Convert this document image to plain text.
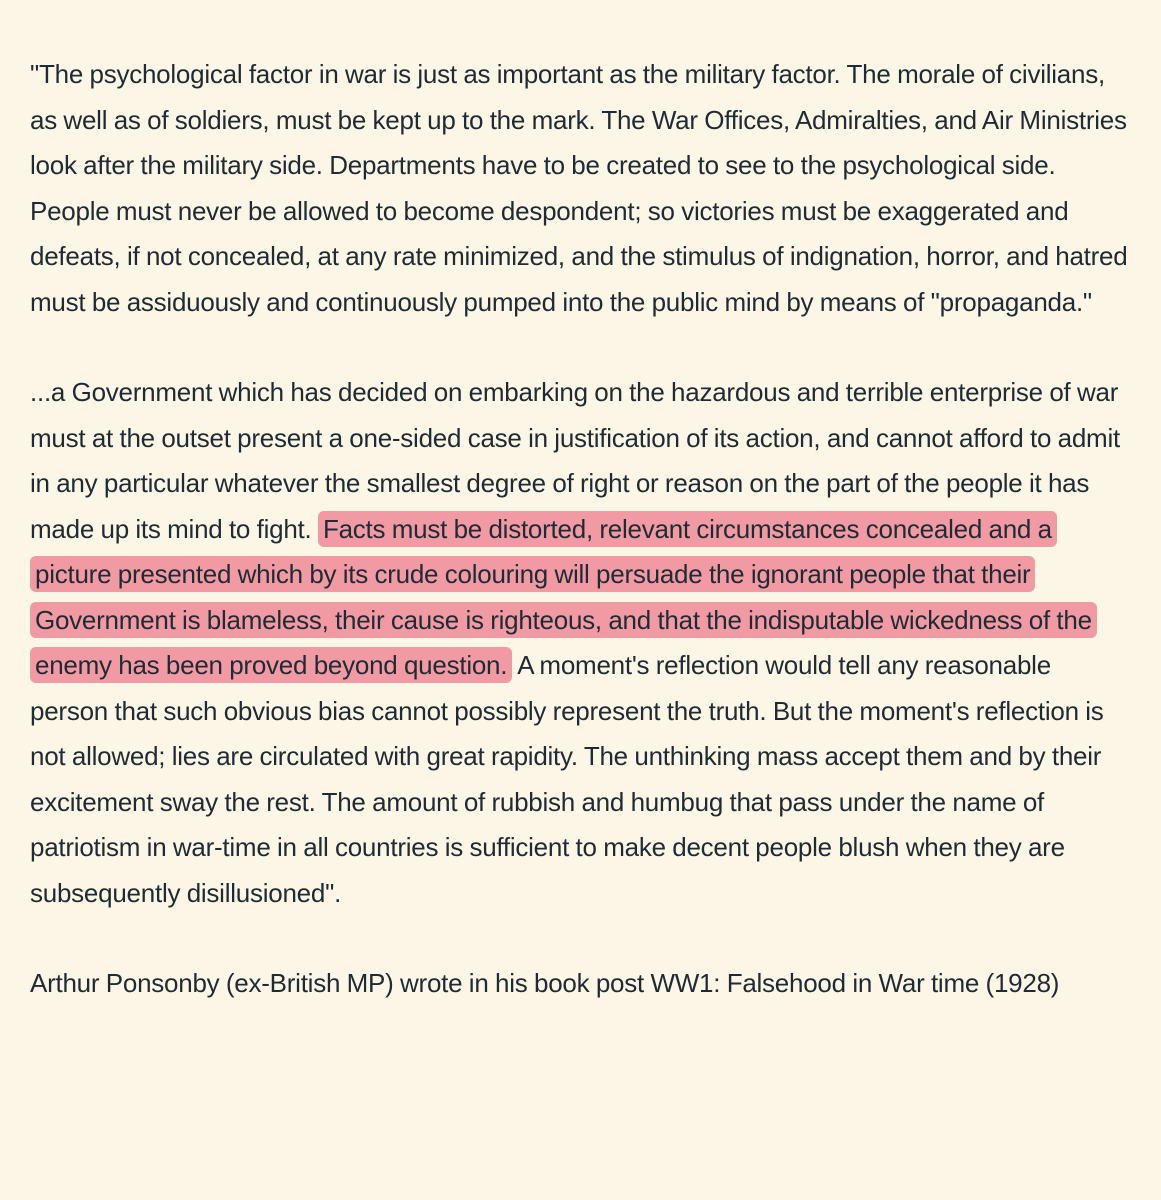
"The psychological factor in war is just as important as the military factor. The morale of civilians, as well as of soldiers, must be kept up to the mark. The War Offices, Admiralties, and Air Ministries look after the military side. Departments have to be created to see to the psychological side. People must never be allowed to become despondent; so victories must be exaggerated and defeats, if not concealed, at any rate minimized, and the stimulus of indignation, horror, and hatred must be assiduously and continuously pumped into the public mind by means of "propaganda."

...a Government which has decided on embarking on the hazardous and terrible enterprise of war must at the outset present a one-sided case in justification of its action, and cannot afford to admit in any particular whatever the smallest degree of right or reason on the part of the people it has made up its mind to fight. Facts must be distorted, relevant circumstances concealed and a picture presented which by its crude colouring will persuade the ignorant people that their Government is blameless, their cause is righteous, and that the indisputable wickedness of the enemy has been proved beyond question. A moment's reflection would tell any reasonable person that such obvious bias cannot possibly represent the truth. But the moment's reflection is not allowed; lies are circulated with great rapidity. The unthinking mass accept them and by their excitement sway the rest. The amount of rubbish and humbug that pass under the name of patriotism in war-time in all countries is sufficient to make decent people blush when they are subsequently disillusioned".

Arthur Ponsonby (ex-British MP) wrote in his book post WW1: Falsehood in War time (1928)
